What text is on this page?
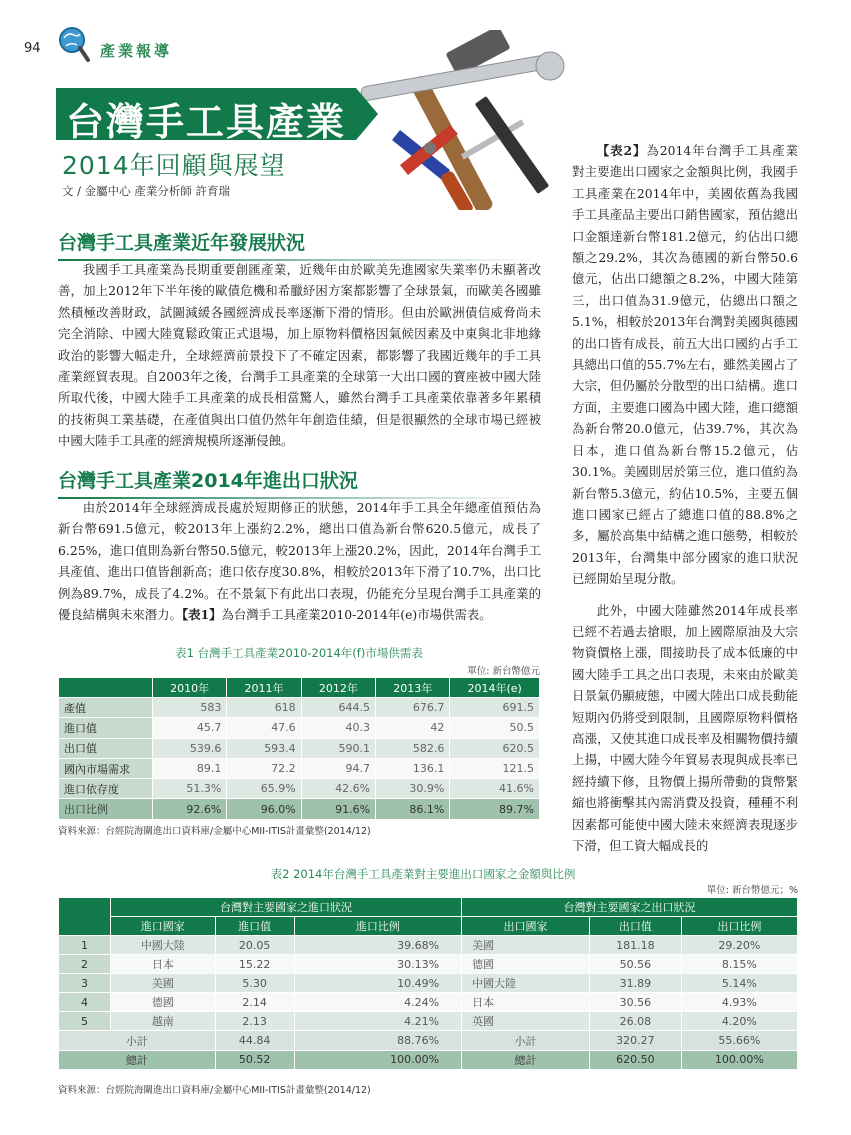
94	產業報導
台灣手工具產業
2014年回顧與展望
文 / 金屬中心 產業分析師 許育瑞
台灣手工具產業近年發展狀況

我國手工具產業為長期重要創匯產業，近幾年由於歐美先進國家失業率仍未顯著改善，加上2012年下半年後的歐債危機和希臘紓困方案都影響了全球景氣，而歐美各國雖然積極改善財政，試圖減緩各國經濟成長率逐漸下滑的情形。但由於歐洲債信威脅尚未完全消除、中國大陸寬鬆政策正式退場，加上原物料價格因氣候因素及中東與北非地緣政治的影響大幅走升，全球經濟前景投下了不確定因素，都影響了我國近幾年的手工具產業經貿表現。自2003年之後，台灣手工具產業的全球第一大出口國的寶座被中國大陸所取代後，中國大陸手工具產業的成長相當驚人，雖然台灣手工具產業依靠著多年累積的技術與工業基礎，在產值與出口值仍然年年創造佳績，但是很顯然的全球市場已經被中國大陸手工具產的經濟規模所逐漸侵蝕。

台灣手工具產業2014年進出口狀況

由於2014年全球經濟成長處於短期修正的狀態，2014年手工具全年總產值預估為新台幣691.5億元，較2013年上漲約2.2%，總出口值為新台幣620.5億元，成長了6.25%，進口值則為新台幣50.5億元，較2013年上漲20.2%，因此，2014年台灣手工具產值、進出口值皆創新高；進口依存度30.8%，相較於2013年下滑了10.7%，出口比例為89.7%，成長了4.2%。在不景氣下有此出口表現，仍能充分呈現台灣手工具產業的優良結構與未來潛力。【表1】為台灣手工具產業2010-2014年(e)市場供需表。

【表2】為2014年台灣手工具產業對主要進出口國家之金額與比例，我國手工具產業在2014年中，美國依舊為我國手工具產品主要出口銷售國家，預估總出口金額達新台幣181.2億元，約佔出口總額之29.2%，其次為德國的新台幣50.6億元，佔出口總額之8.2%，中國大陸第三，出口值為31.9億元，佔總出口額之5.1%，相較於2013年台灣對美國與德國的出口皆有成長，前五大出口國約占手工具總出口值的55.7%左右，雖然美國占了大宗，但仍屬於分散型的出口結構。進口方面，主要進口國為中國大陸，進口總額為新台幣20.0億元，佔39.7%，其次為日本，進口值為新台幣15.2億元，佔30.1%。美國則居於第三位，進口值約為新台幣5.3億元，約佔10.5%，主要五個進口國家已經占了總進口值的88.8%之多，屬於高集中結構之進口態勢，相較於2013年，台灣集中部分國家的進口狀況已經開始呈現分散。

此外，中國大陸雖然2014年成長率已經不若過去搶眼，加上國際原油及大宗物資價格上漲，間接助長了成本低廉的中國大陸手工具之出口表現，未來由於歐美日景氣仍顯疲態，中國大陸出口成長動能短期內仍將受到限制，且國際原物料價格高漲，又使其進口成長率及相關物價持續上揚，中國大陸今年貿易表現與成長率已經持續下修，且物價上揚所帶動的貨幣緊縮也將衝擊其內需消費及投資，種種不利因素都可能使中國大陸未來經濟表現逐步下滑，但工資大幅成長的

表1 台灣手工具產業2010-2014年(f)市場供需表
單位: 新台幣億元
	2010年	2011年	2012年	2013年	2014年(e)
產值	583	618	644.5	676.7	691.5
進口值	45.7	47.6	40.3	42	50.5
出口值	539.6	593.4	590.1	582.6	620.5
國內市場需求	89.1	72.2	94.7	136.1	121.5
進口依存度	51.3%	65.9%	42.6%	30.9%	41.6%
出口比例	92.6%	96.0%	91.6%	86.1%	89.7%
資料來源：台經院海關進出口資料庫/金屬中心MII-ITIS計畫彙整(2014/12)
表2 2014年台灣手工具產業對主要進出口國家之金額與比例
單位: 新台幣億元；%
	台灣對主要國家之進口狀況			台灣對主要國家之出口狀況		
	進口國家	進口值	進口比例	出口國家	出口值	出口比例
1	中國大陸	20.05	39.68%	美國	181.18	29.20%
2	日本	15.22	30.13%	德國	50.56	8.15%
3	美國	5.30	10.49%	中國大陸	31.89	5.14%
4	德國	2.14	4.24%	日本	30.56	4.93%
5	越南	2.13	4.21%	英國	26.08	4.20%
小計		44.84	88.76%	小計	320.27	55.66%
總計		50.52	100.00%	總計	620.50	100.00%
資料來源：台經院海關進出口資料庫/金屬中心MII-ITIS計畫彙整(2014/12)
